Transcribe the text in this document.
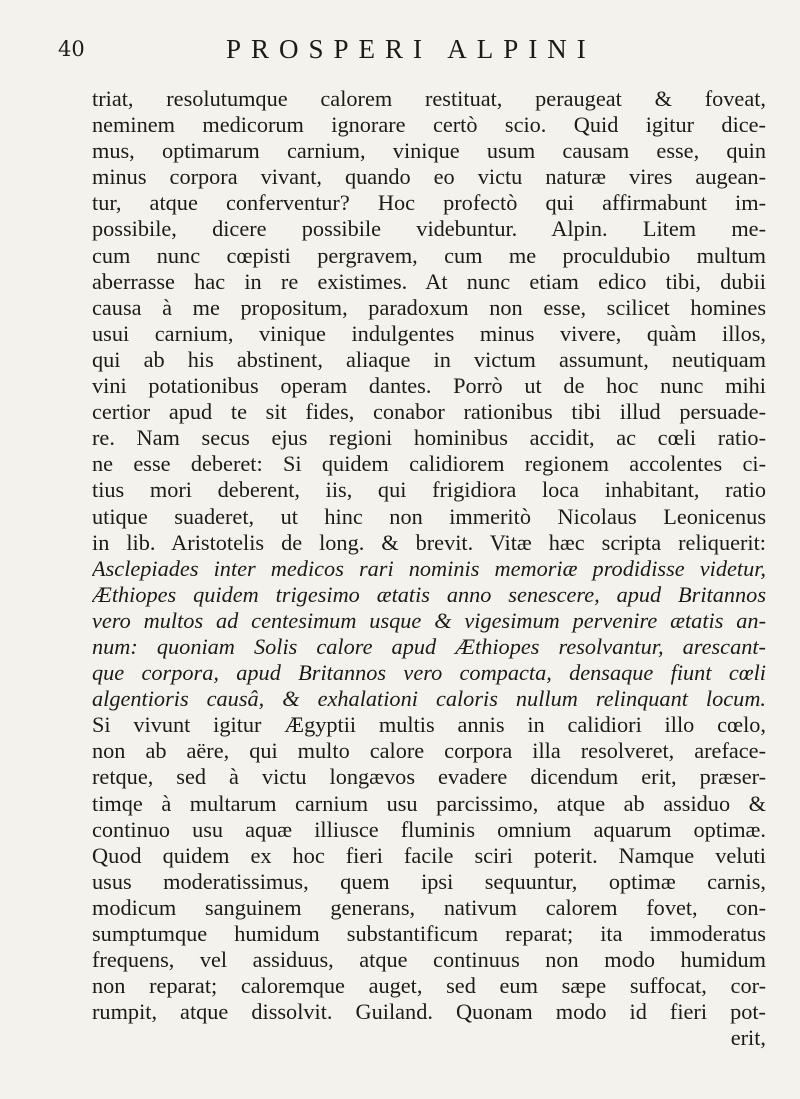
40	PROSPERI ALPINI
triat, resolutumque calorem restituat, peraugeat & foveat,
neminem medicorum ignorare certò scio. Quid igitur dice-
mus, optimarum carnium, vinique usum causam esse, quin
minus corpora vivant, quando eo victu naturæ vires augean-
tur, atque conferventur? Hoc profectò qui affirmabunt im-
possibile, dicere possibile videbuntur. Alpin. Litem me-
cum nunc cœpisti pergravem, cum me proculdubio multum
aberrasse hac in re existimes. At nunc etiam edico tibi, dubii
causa à me propositum, paradoxum non esse, scilicet homines
usui carnium, vinique indulgentes minus vivere, quàm illos,
qui ab his abstinent, aliaque in victum assumunt, neutiquam
vini potationibus operam dantes. Porrò ut de hoc nunc mihi
certior apud te sit fides, conabor rationibus tibi illud persuade-
re. Nam secus ejus regioni hominibus accidit, ac cœli ratio-
ne esse deberet: Si quidem calidiorem regionem accolentes ci-
tius mori deberent, iis, qui frigidiora loca inhabitant, ratio
utique suaderet, ut hinc non immeritò Nicolaus Leonicenus
in lib. Aristotelis de long. & brevit. Vitæ hæc scripta reliquerit:
Asclepiades inter medicos rari nominis memoriæ prodidisse videtur,
Æthiopes quidem trigesimo ætatis anno senescere, apud Britannos
vero multos ad centesimum usque & vigesimum pervenire ætatis an-
num: quoniam Solis calore apud Æthiopes resolvantur, arescant-
que corpora, apud Britannos vero compacta, densaque fiunt cœli
algentioris causâ, & exhalationi caloris nullum relinquant locum.
Si vivunt igitur Ægyptii multis annis in calidiori illo cœlo,
non ab aëre, qui multo calore corpora illa resolveret, areface-
retque, sed à victu longævos evadere dicendum erit, præser-
timqe à multarum carnium usu parcissimo, atque ab assiduo &
continuo usu aquæ illiusce fluminis omnium aquarum optimæ.
Quod quidem ex hoc fieri facile sciri poterit. Namque veluti
usus moderatissimus, quem ipsi sequuntur, optimæ carnis,
modicum sanguinem generans, nativum calorem fovet, con-
sumptumque humidum substantificum reparat; ita immoderatus
frequens, vel assiduus, atque continuus non modo humidum
non reparat; caloremque auget, sed eum sæpe suffocat, cor-
rumpit, atque dissolvit. Guiland. Quonam modo id fieri pot-
erit,
